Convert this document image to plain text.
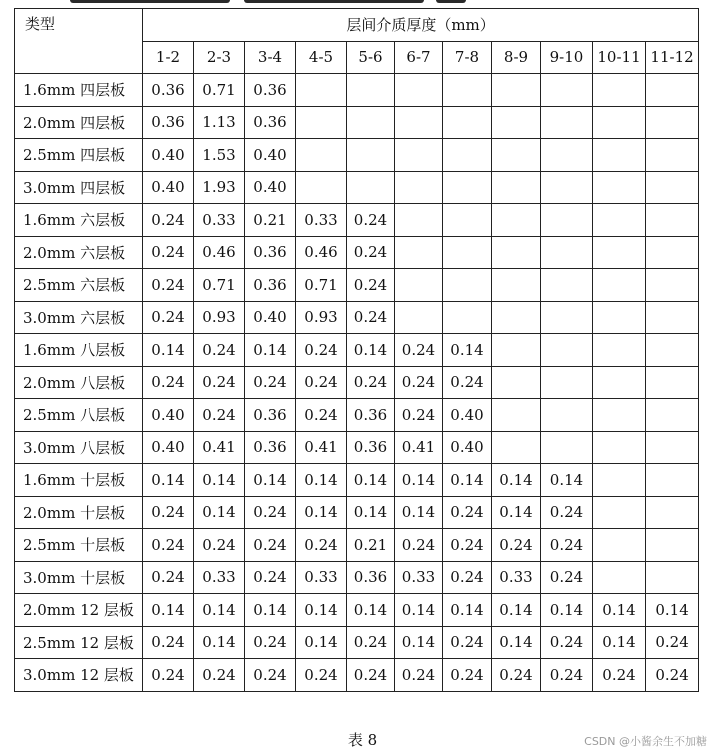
类型	层间介质厚度（mm）										
	1-2	2-3	3-4	4-5	5-6	6-7	7-8	8-9	9-10	10-11	11-12
1.6mm 四层板	0.36	0.71	0.36								
2.0mm 四层板	0.36	1.13	0.36								
2.5mm 四层板	0.40	1.53	0.40								
3.0mm 四层板	0.40	1.93	0.40								
1.6mm 六层板	0.24	0.33	0.21	0.33	0.24						
2.0mm 六层板	0.24	0.46	0.36	0.46	0.24						
2.5mm 六层板	0.24	0.71	0.36	0.71	0.24						
3.0mm 六层板	0.24	0.93	0.40	0.93	0.24						
1.6mm 八层板	0.14	0.24	0.14	0.24	0.14	0.24	0.14				
2.0mm 八层板	0.24	0.24	0.24	0.24	0.24	0.24	0.24				
2.5mm 八层板	0.40	0.24	0.36	0.24	0.36	0.24	0.40				
3.0mm 八层板	0.40	0.41	0.36	0.41	0.36	0.41	0.40				
1.6mm 十层板	0.14	0.14	0.14	0.14	0.14	0.14	0.14	0.14	0.14		
2.0mm 十层板	0.24	0.14	0.24	0.14	0.14	0.14	0.24	0.14	0.24		
2.5mm 十层板	0.24	0.24	0.24	0.24	0.21	0.24	0.24	0.24	0.24		
3.0mm 十层板	0.24	0.33	0.24	0.33	0.36	0.33	0.24	0.33	0.24		
2.0mm 12 层板	0.14	0.14	0.14	0.14	0.14	0.14	0.14	0.14	0.14	0.14	0.14
2.5mm 12 层板	0.24	0.14	0.24	0.14	0.24	0.14	0.24	0.14	0.24	0.14	0.24
3.0mm 12 层板	0.24	0.24	0.24	0.24	0.24	0.24	0.24	0.24	0.24	0.24	0.24
表 8	CSDN @小酱余生不加糖
